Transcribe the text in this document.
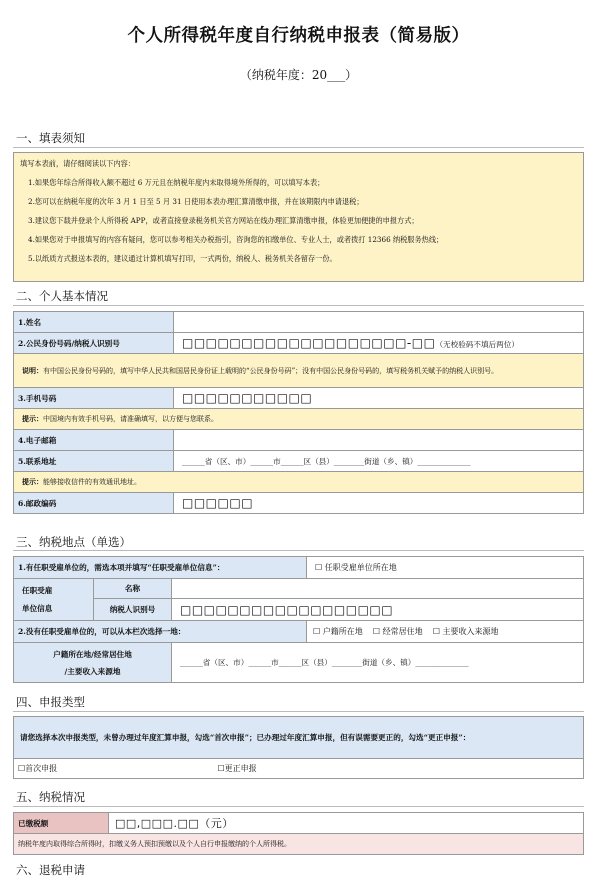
个人所得税年度自行纳税申报表（简易版）
（纳税年度：20___）
一、填表须知
填写本表前，请仔细阅读以下内容：
1.如果您年综合所得收入额不超过 6 万元且在纳税年度内未取得境外所得的，可以填写本表；
2.您可以在纳税年度的次年 3 月 1 日至 5 月 31 日使用本表办理汇算清缴申报，并在该期限内申请退税；
3.建议您下载并登录个人所得税 APP，或者直接登录税务机关官方网站在线办理汇算清缴申报，体验更加便捷的申报方式；
4.如果您对于申报填写的内容有疑问，您可以参考相关办税指引，咨询您的扣缴单位、专业人士，或者拨打 12366 纳税服务热线；
5.以纸质方式报送本表的，建议通过计算机填写打印，一式两份，纳税人、税务机关各留存一份。
二、个人基本情况
1.姓名	
2.公民身份号码/纳税人识别号	□□□□□□□□□□□□□□□□□□□-□□（无校验码不填后两位）
说明：有中国公民身份号码的，填写中华人民共和国居民身份证上载明的“公民身份号码”；没有中国公民身份号码的，填写税务机关赋予的纳税人识别号。	
3.手机号码	□□□□□□□□□□□
提示：中国境内有效手机号码，请准确填写，以方便与您联系。	
4.电子邮箱	
5.联系地址	______省（区、市）______市______区（县）________街道（乡、镇）______________
提示：能够接收信件的有效通讯地址。	
6.邮政编码	□□□□□□
三、纳税地点（单选）
1.有任职受雇单位的，需选本项并填写“任职受雇单位信息”：			☐ 任职受雇单位所在地
任职受雇
单位信息	名称		
	纳税人识别号	□□□□□□□□□□□□□□□□□□	
2.没有任职受雇单位的，可以从本栏次选择一地：			☐ 户籍所在地 ☐ 经常居住地 ☐ 主要收入来源地
户籍所在地/经常居住地
/主要收入来源地		______省（区、市）______市______区（县）________街道（乡、镇）______________	
四、申报类型
请您选择本次申报类型，未曾办理过年度汇算申报，勾选“首次申报”；已办理过年度汇算申报，但有误需要更正的，勾选“更正申报”：
☐首次申报	☐更正申报
五、纳税情况
已缴税额	□□,□□□.□□（元）
纳税年度内取得综合所得时，扣缴义务人预扣预缴以及个人自行申报缴纳的个人所得税。
六、退税申请
